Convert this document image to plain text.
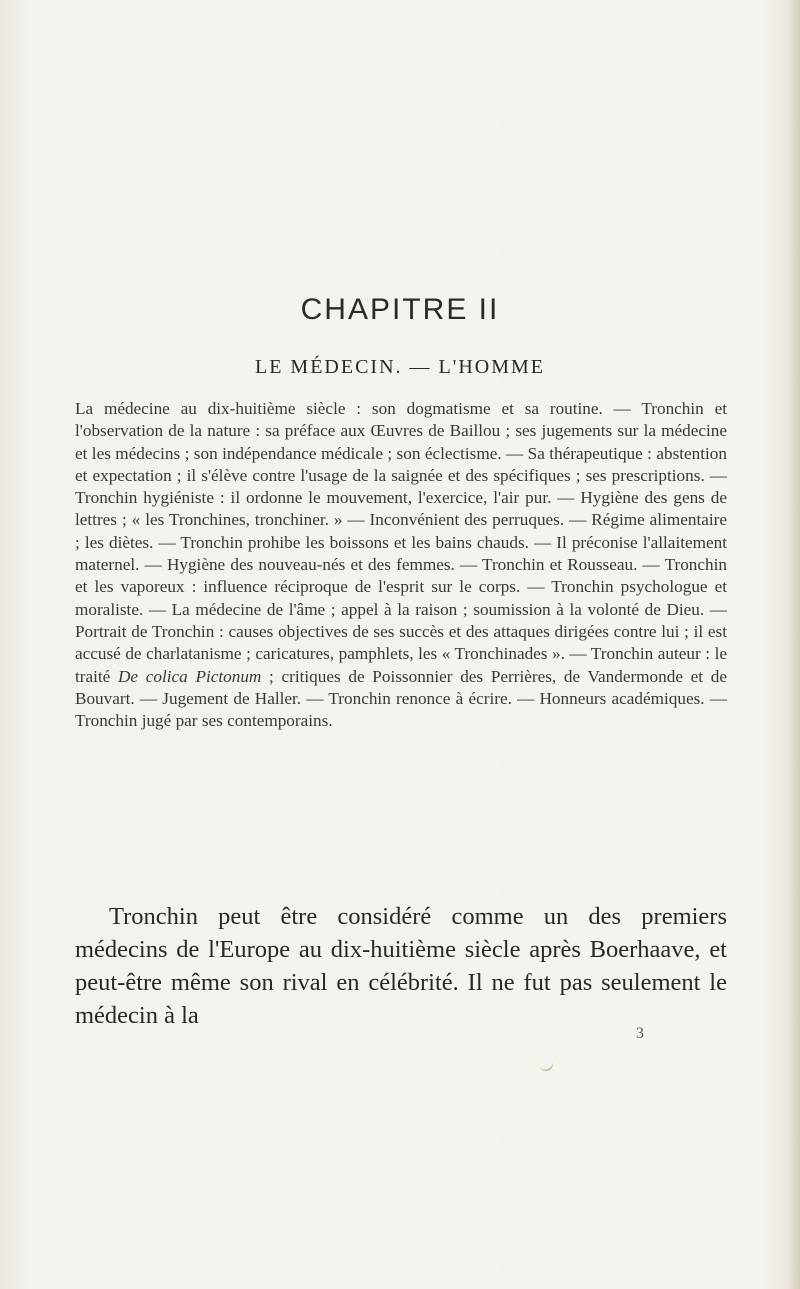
CHAPITRE II
LE MÉDECIN. — L'HOMME

La médecine au dix-huitième siècle : son dogmatisme et sa routine. — Tronchin et l'observation de la nature : sa préface aux Œuvres de Baillou ; ses jugements sur la médecine et les médecins ; son indépendance médicale ; son éclectisme. — Sa thérapeutique : abstention et expectation ; il s'élève contre l'usage de la saignée et des spécifiques ; ses prescriptions. — Tronchin hygiéniste : il ordonne le mouvement, l'exercice, l'air pur. — Hygiène des gens de lettres ; « les Tronchines, tronchiner. » — Inconvénient des perruques. — Régime alimentaire ; les diètes. — Tronchin prohibe les boissons et les bains chauds. — Il préconise l'allaitement maternel. — Hygiène des nouveau-nés et des femmes. — Tronchin et Rousseau. — Tronchin et les vaporeux : influence réciproque de l'esprit sur le corps. — Tronchin psychologue et moraliste. — La médecine de l'âme ; appel à la raison ; soumission à la volonté de Dieu. — Portrait de Tronchin : causes objectives de ses succès et des attaques dirigées contre lui ; il est accusé de charlatanisme ; caricatures, pamphlets, les « Tronchinades ». — Tronchin auteur : le traité De colica Pictonum ; critiques de Poissonnier des Perrières, de Vandermonde et de Bouvart. — Jugement de Haller. — Tronchin renonce à écrire. — Honneurs académiques. — Tronchin jugé par ses contemporains.

Tronchin peut être considéré comme un des premiers médecins de l'Europe au dix-huitième siècle après Boerhaave, et peut-être même son rival en célébrité. Il ne fut pas seulement le médecin à la

3
